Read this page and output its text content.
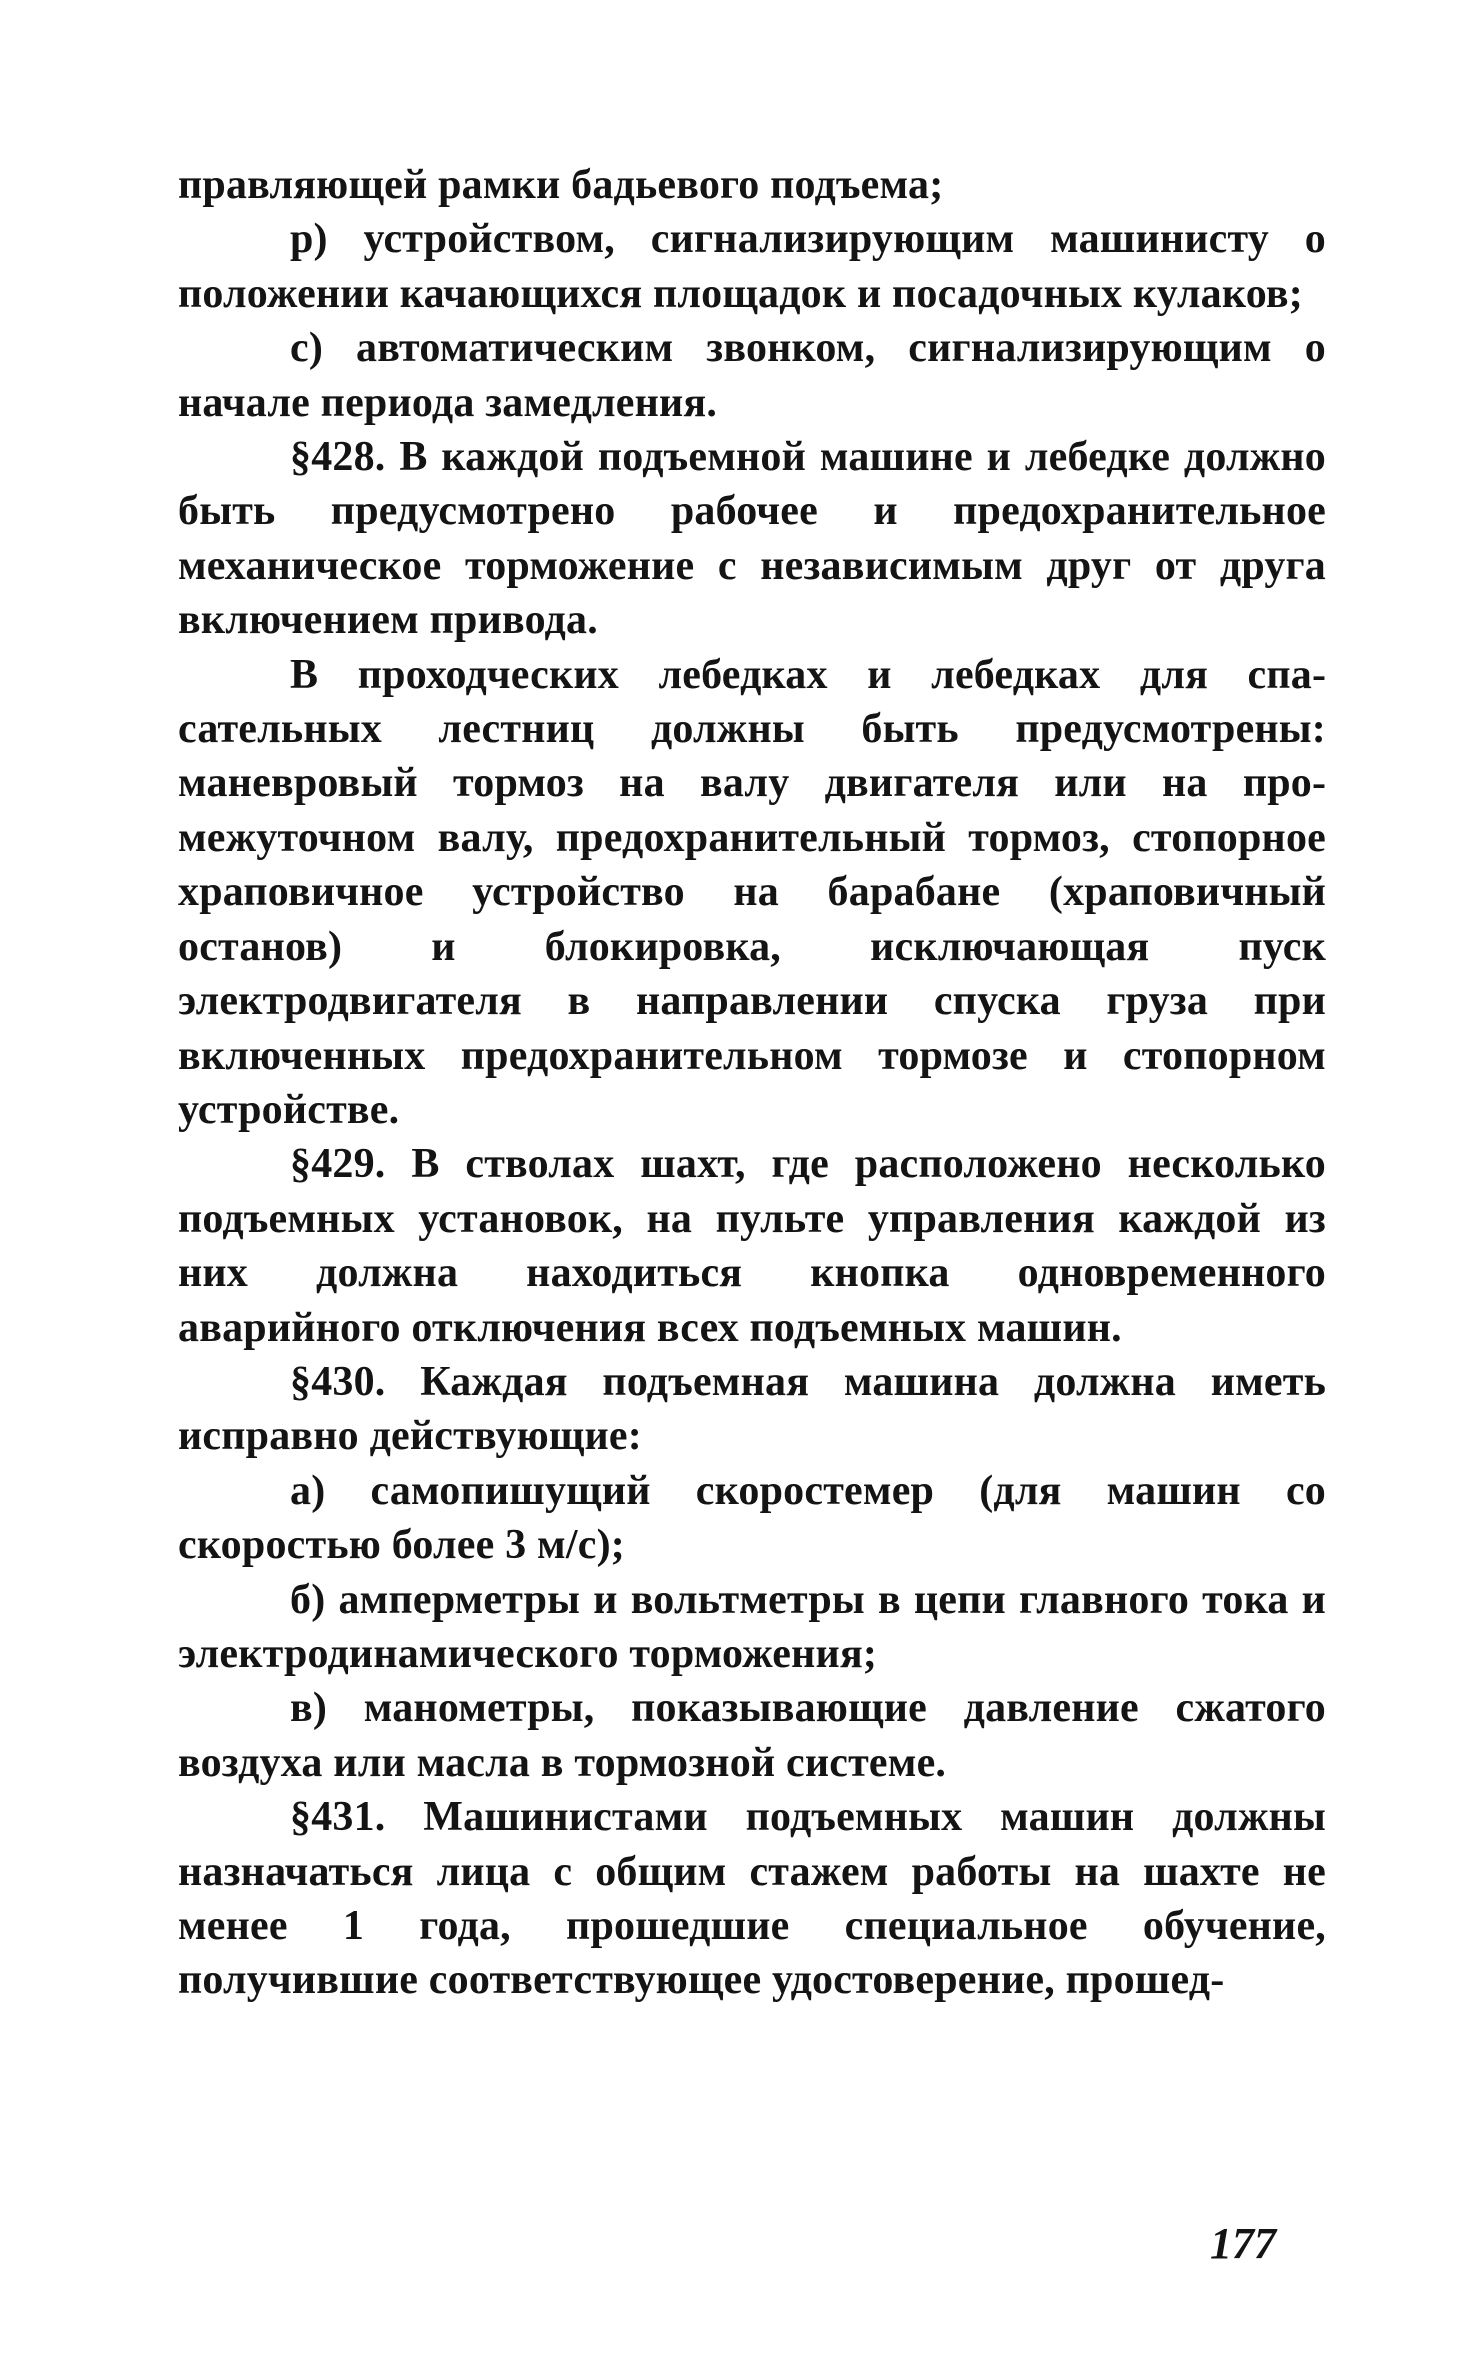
правляющей рамки бадьевого подъема;

р) устройством, сигнализирующим машинисту о положении качающихся площадок и посадочных кулаков;

с) автоматическим звонком, сигнализирующим о начале периода замедления.

§428. В каждой подъемной машине и лебедке должно быть предусмотрено рабочее и предохранительное механическое торможение с независимым друг от друга включением привода.

В проходческих лебедках и лебедках для спасательных лестниц должны быть предусмотрены: маневровый тормоз на валу двигателя или на промежуточном валу, предохранительный тормоз, стопорное храповичное устройство на барабане (храповичный останов) и блокировка, исключающая пуск электродвигателя в направлении спуска груза при включенных предохранительном тормозе и стопорном устройстве.

§429. В стволах шахт, где расположено несколько подъемных установок, на пульте управления каждой из них должна находиться кнопка одновременного аварийного отключения всех подъемных машин.

§430. Каждая подъемная машина должна иметь исправно действующие:

а) самопишущий скоростемер (для машин со скоростью более 3 м/с);

б) амперметры и вольтметры в цепи главного тока и электродинамического торможения;

в) манометры, показывающие давление сжатого воздуха или масла в тормозной системе.

§431. Машинистами подъемных машин должны назначаться лица с общим стажем работы на шахте не менее 1 года, прошедшие специальное обучение, получившие соответствующее удостоверение, прошед-

177
